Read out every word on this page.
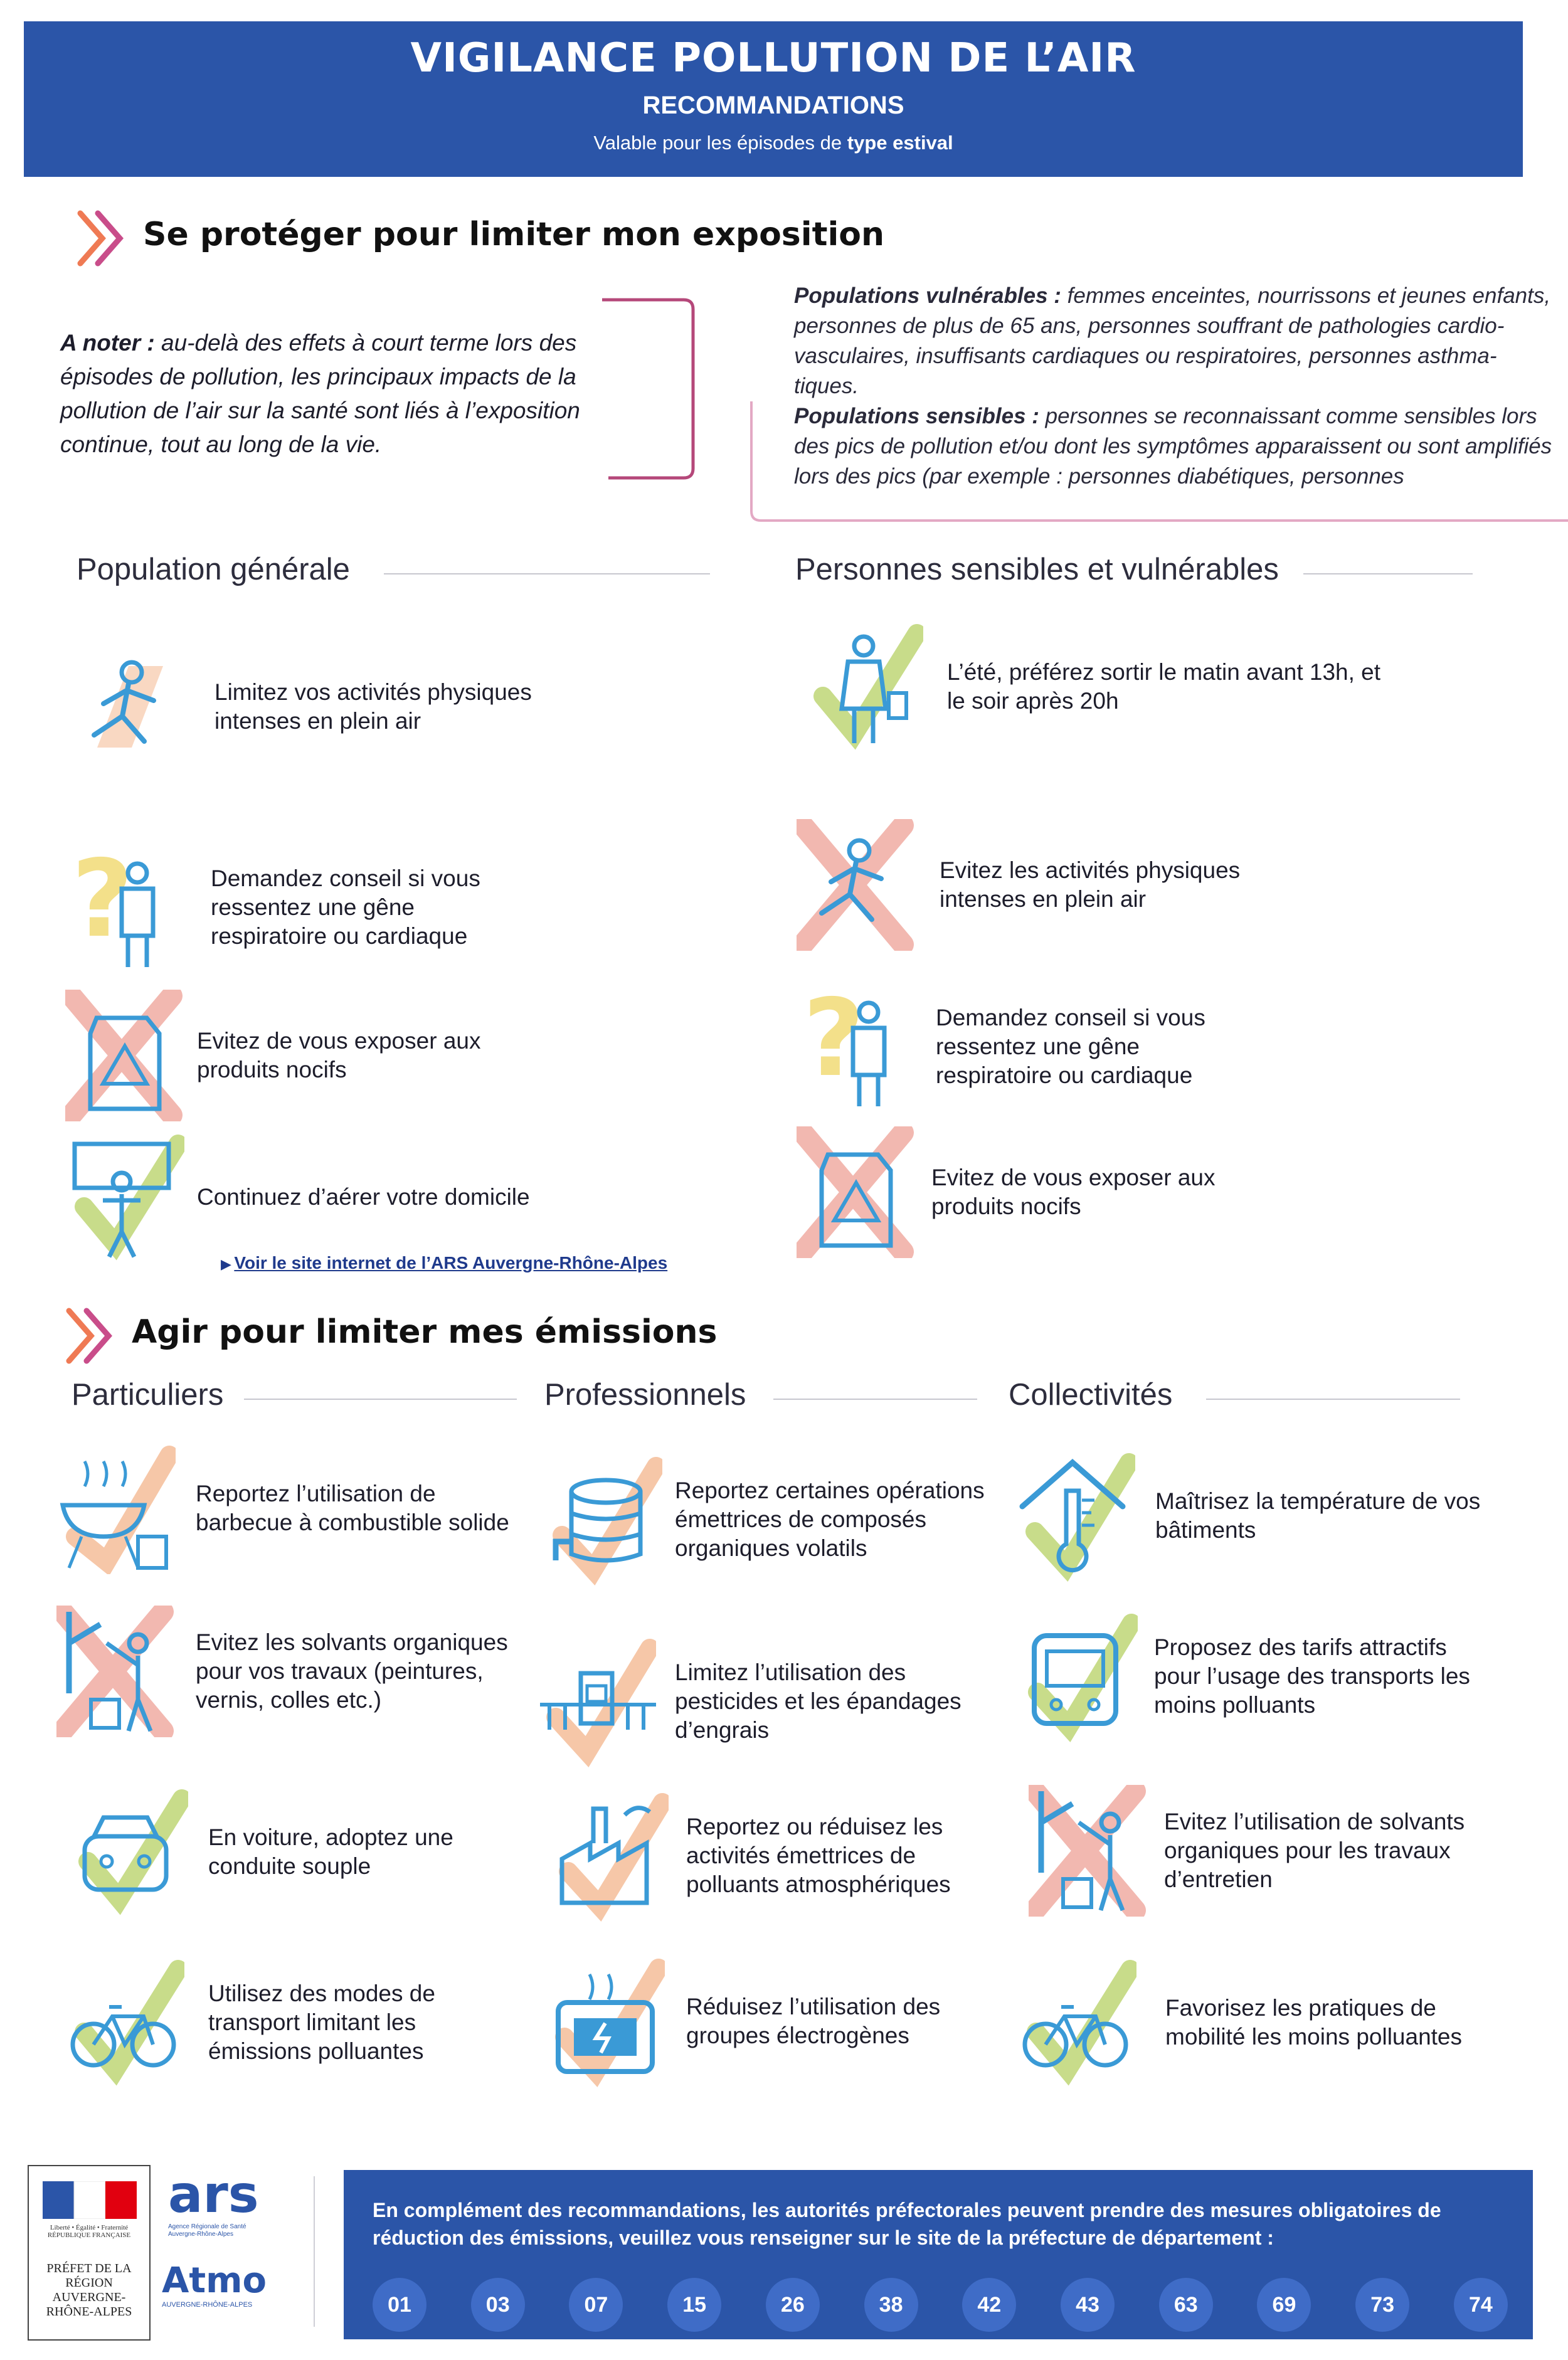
VIGILANCE POLLUTION DE L’AIR
RECOMMANDATIONS
Valable pour les épisodes de type estival
Se protéger pour limiter mon exposition
A noter : au-delà des effets à court terme lors des épisodes de pollution, les principaux impacts de la pollution de l’air sur la santé sont liés à l’exposition continue, tout au long de la vie.

Populations vulnérables : femmes enceintes, nourrissons et jeunes enfants, personnes de plus de 65 ans, personnes souffrant de pathologies cardio-vasculaires, insuffisants cardiaques ou respiratoires, personnes asthma-tiques.

Populations sensibles : personnes se reconnaissant comme sensibles lors des pics de pollution et/ou dont les symptômes apparaissent ou sont amplifiés lors des pics (par exemple : personnes diabétiques, personnes

Population générale	Personnes sensibles et vulnérables
Limitez vos activités physiques intenses en plein air
?	Demandez conseil si vous ressentez une gêne respiratoire ou cardiaque
Evitez de vous exposer aux produits nocifs
Continuez d’aérer votre domicile
▶ Voir le site internet de l’ARS Auvergne-Rhône-Alpes
L’été, préférez sortir le matin avant 13h, et le soir après 20h
Evitez les activités physiques intenses en plein air
?	Demandez conseil si vous ressentez une gêne respiratoire ou cardiaque
Evitez de vous exposer aux produits nocifs
Agir pour limiter mes émissions
Particuliers	Professionnels	Collectivités
Reportez l’utilisation de barbecue à combustible solide
Evitez les solvants organiques pour vos travaux (peintures, vernis, colles etc.)
En voiture, adoptez une conduite souple
Utilisez des modes de transport limitant les émissions polluantes
Reportez certaines opérations émettrices de composés organiques volatils
Limitez l’utilisation des pesticides et les épandages d’engrais
Reportez ou réduisez les activités émettrices de polluants atmosphériques
Réduisez l’utilisation des groupes électrogènes
Maîtrisez la température de vos bâtiments
Proposez des tarifs attractifs pour l’usage des transports les moins polluants
Evitez l’utilisation de solvants organiques pour les travaux d’entretien
Favorisez les pratiques de mobilité les moins polluantes
Liberté • Égalité • Fraternité RÉPUBLIQUE FRANÇAISE
PRÉFET DE LA RÉGION AUVERGNE-RHÔNE-ALPES
ars
Agence Régionale de Santé Auvergne-Rhône-Alpes
Atmo
AUVERGNE-RHÔNE-ALPES
En complément des recommandations, les autorités préfectorales peuvent prendre des mesures obligatoires de réduction des émissions, veuillez vous renseigner sur le site de la préfecture de département :
01	03	07	15	26	38	42	43	63	69	73	74
